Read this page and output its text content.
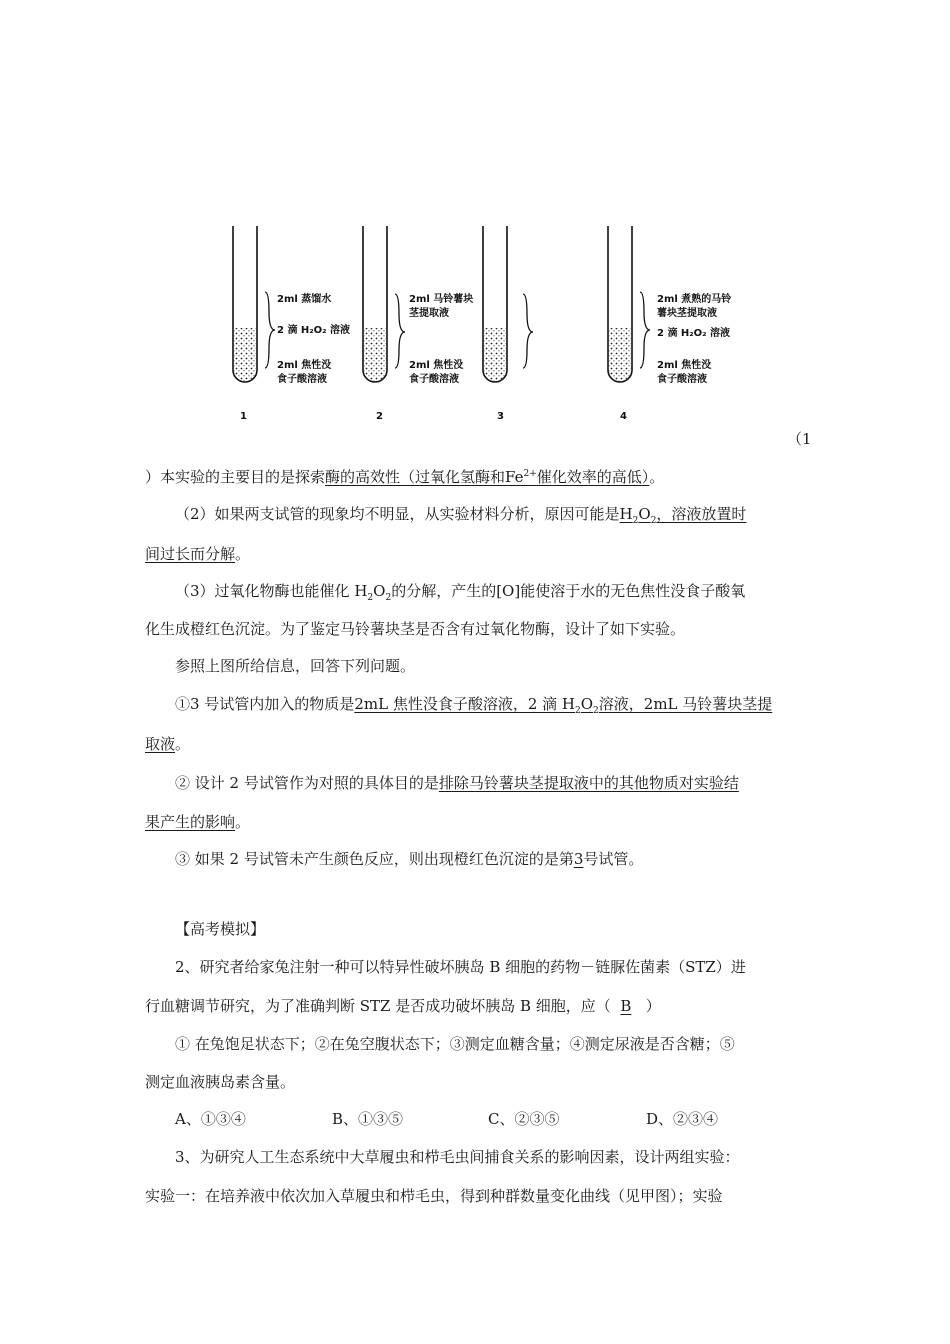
2ml 蒸馏水
2 滴 H₂O₂ 溶液
2ml 焦性没
食子酸溶液
1
2ml 马铃薯块
茎提取液
2ml 焦性没
食子酸溶液
2	3
2ml 煮熟的马铃
薯块茎提取液
2 滴 H₂O₂ 溶液
2ml 焦性没
食子酸溶液
4
（1
）本实验的主要目的是探索酶的高效性（过氧化氢酶和$Fe^{2+}$催化效率的高低）。
（2）如果两支试管的现象均不明显，从实验材料分析，原因可能是$H_2O_2$，溶液放置时
间过长而分解。
（3）过氧化物酶也能催化 $H_2O_2$的分解，产生的[O]能使溶于水的无色焦性没食子酸氧
化生成橙红色沉淀。为了鉴定马铃薯块茎是否含有过氧化物酶，设计了如下实验。
参照上图所给信息，回答下列问题。
①3 号试管内加入的物质是2mL 焦性没食子酸溶液，2 滴 $H_2O_2$溶液，2mL 马铃薯块茎提
取液。
② 设计 2 号试管作为对照的具体目的是排除马铃薯块茎提取液中的其他物质对实验结
果产生的影响。
③ 如果 2 号试管未产生颜色反应，则出现橙红色沉淀的是第3号试管。
【高考模拟】
2、研究者给家兔注射一种可以特异性破坏胰岛 B 细胞的药物－链脲佐菌素（STZ）进
行血糖调节研究，为了准确判断 STZ 是否成功破坏胰岛 B 细胞，应（ B ）
① 在兔饱足状态下；②在兔空腹状态下；③测定血糖含量；④测定尿液是否含糖；⑤
测定血液胰岛素含量。
A、①③④	B、①③⑤	C、②③⑤	D、②③④
3、为研究人工生态系统中大草履虫和栉毛虫间捕食关系的影响因素，设计两组实验：
实验一：在培养液中依次加入草履虫和栉毛虫，得到种群数量变化曲线（见甲图）；实验
